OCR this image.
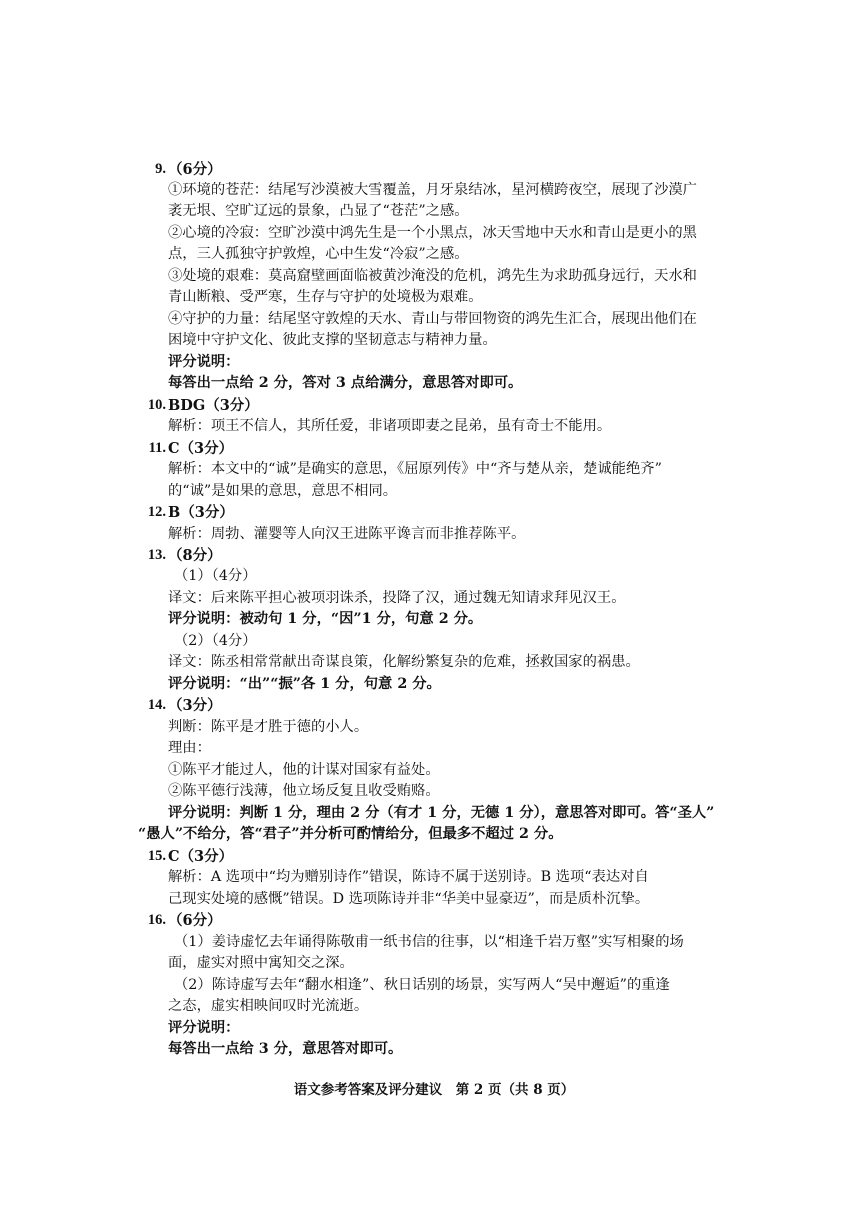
9. （6分）
①环境的苍茫：结尾写沙漠被大雪覆盖，月牙泉结冰，星河横跨夜空，展现了沙漠广
袤无垠、空旷辽远的景象，凸显了“苍茫”之感。
②心境的冷寂：空旷沙漠中鸿先生是一个小黑点，冰天雪地中天水和青山是更小的黑
点，三人孤独守护敦煌，心中生发“冷寂”之感。
③处境的艰难：莫高窟壁画面临被黄沙淹没的危机，鸿先生为求助孤身远行，天水和
青山断粮、受严寒，生存与守护的处境极为艰难。
④守护的力量：结尾坚守敦煌的天水、青山与带回物资的鸿先生汇合，展现出他们在
困境中守护文化、彼此支撑的坚韧意志与精神力量。
评分说明：
每答出一点给 2 分，答对 3 点给满分，意思答对即可。
10. BDG（3分）
解析：项王不信人，其所任爱，非诸项即妻之昆弟，虽有奇士不能用。
11. C（3分）
解析：本文中的“诚”是确实的意思，《屈原列传》中“齐与楚从亲，楚诚能绝齐”
的“诚”是如果的意思，意思不相同。
12. B（3分）
解析：周勃、灌婴等人向汉王进陈平谗言而非推荐陈平。
13. （8分）
（1）（4分）
译文：后来陈平担心被项羽诛杀，投降了汉，通过魏无知请求拜见汉王。
评分说明：被动句 1 分，“因”1 分，句意 2 分。
（2）（4分）
译文：陈丞相常常献出奇谋良策，化解纷繁复杂的危难，拯救国家的祸患。
评分说明：“出”“振”各 1 分，句意 2 分。
14. （3分）
判断：陈平是才胜于德的小人。
理由：
①陈平才能过人，他的计谋对国家有益处。
②陈平德行浅薄，他立场反复且收受贿赂。
评分说明：判断 1 分，理由 2 分（有才 1 分，无德 1 分），意思答对即可。答“圣人”
“愚人”不给分，答“君子”并分析可酌情给分，但最多不超过 2 分。
15. C（3分）
解析：A 选项中“均为赠别诗作”错误，陈诗不属于送别诗。B 选项“表达对自
己现实处境的感慨”错误。D 选项陈诗并非“华美中显豪迈”，而是质朴沉挚。
16. （6分）
（1）姜诗虚忆去年诵得陈敬甫一纸书信的往事，以“相逢千岩万壑”实写相聚的场
面，虚实对照中寓知交之深。
（2）陈诗虚写去年“翻水相逢”、秋日话别的场景，实写两人“吴中邂逅”的重逢
之态，虚实相映间叹时光流逝。
评分说明：
每答出一点给 3 分，意思答对即可。
语文参考答案及评分建议　第 2 页（共 8 页）
